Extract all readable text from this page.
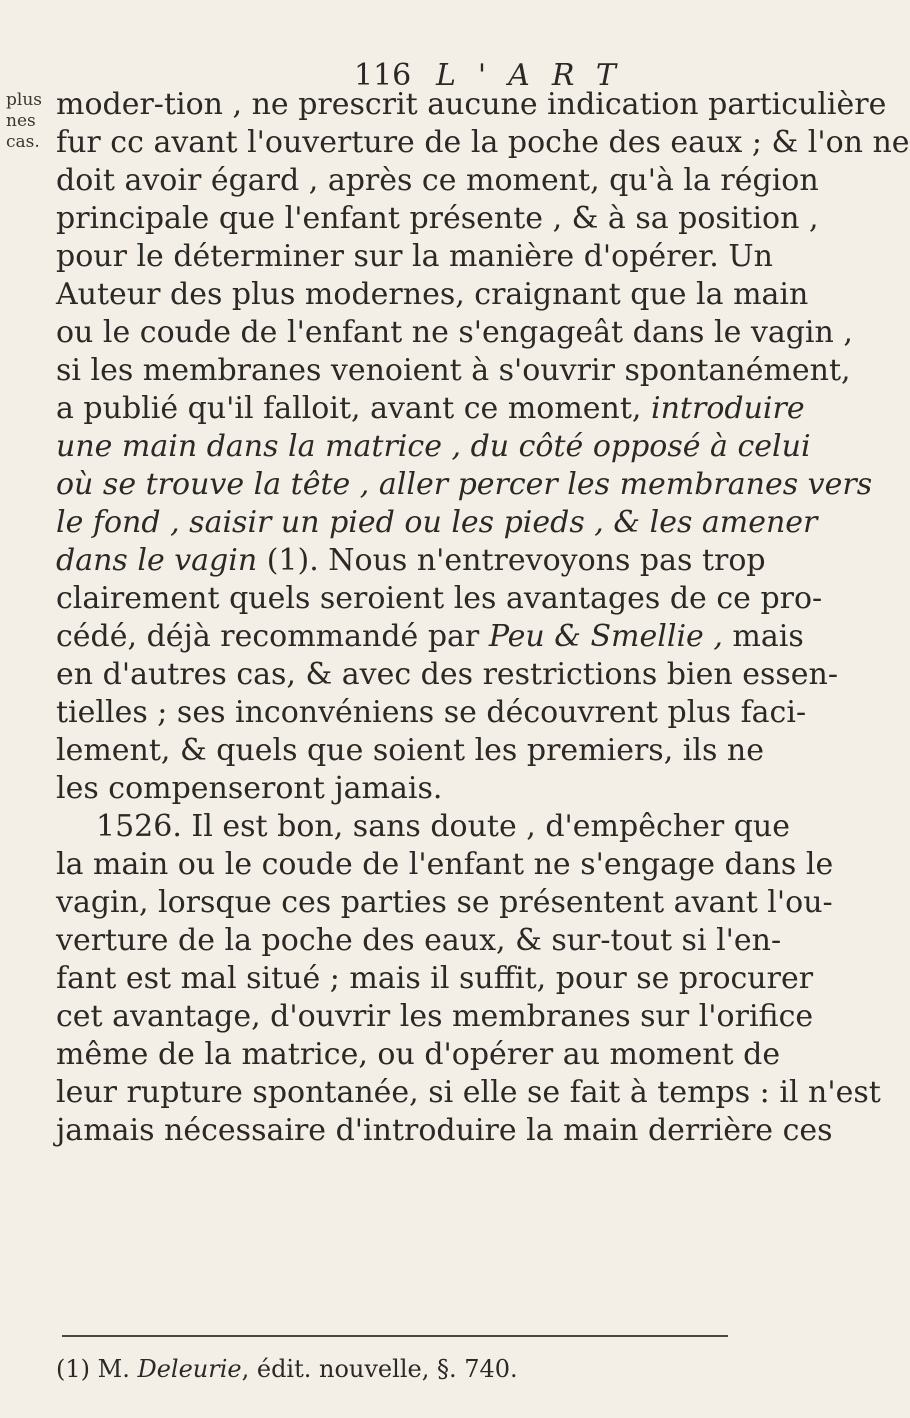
116 L'ART
plus
nes
cas.
moder-tion , ne prescrit aucune indication particulière
fur cc avant l'ouverture de la poche des eaux ; & l'on ne
doit avoir égard , après ce moment, qu'à la région
principale que l'enfant présente , & à sa position ,
pour le déterminer sur la manière d'opérer. Un
Auteur des plus modernes, craignant que la main
ou le coude de l'enfant ne s'engageât dans le vagin ,
si les membranes venoient à s'ouvrir spontanément,
a publié qu'il falloit, avant ce moment, introduire
une main dans la matrice , du côté opposé à celui
où se trouve la tête , aller percer les membranes vers
le fond , saisir un pied ou les pieds , & les amener
dans le vagin (1). Nous n'entrevoyons pas trop
clairement quels seroient les avantages de ce pro-
cédé, déjà recommandé par Peu & Smellie , mais
en d'autres cas, & avec des restrictions bien essen-
tielles ; ses inconvéniens se découvrent plus faci-
lement, & quels que soient les premiers, ils ne
les compenseront jamais.
1526. Il est bon, sans doute , d'empêcher que
la main ou le coude de l'enfant ne s'engage dans le
vagin, lorsque ces parties se présentent avant l'ou-
verture de la poche des eaux, & sur-tout si l'en-
fant est mal situé ; mais il suffit, pour se procurer
cet avantage, d'ouvrir les membranes sur l'orifice
même de la matrice, ou d'opérer au moment de
leur rupture spontanée, si elle se fait à temps : il n'est
jamais nécessaire d'introduire la main derrière ces
(1) M. Deleurie, édit. nouvelle, §. 740.
